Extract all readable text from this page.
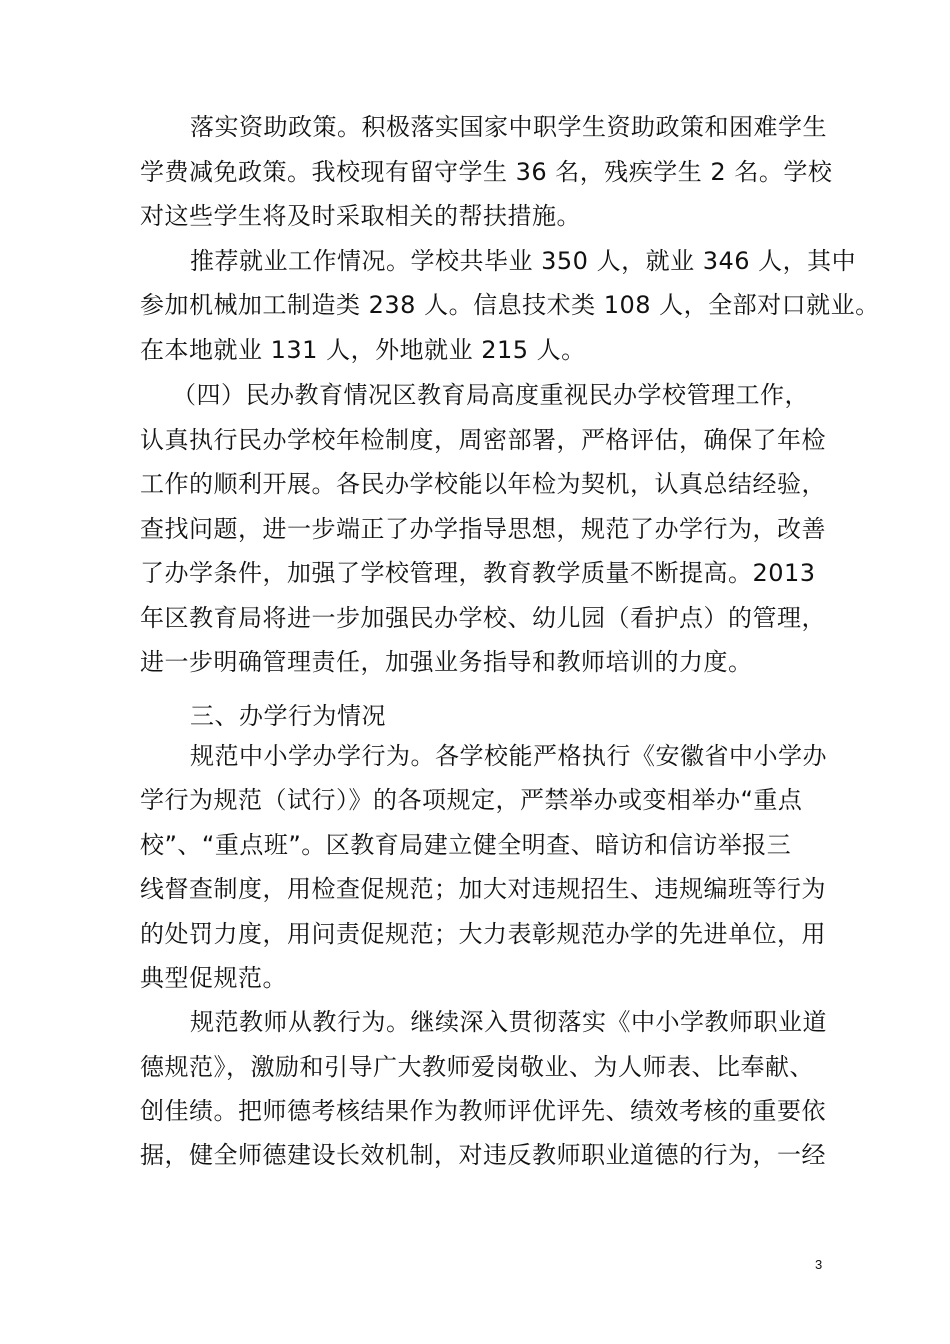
落实资助政策。积极落实国家中职学生资助政策和困难学生
学费减免政策。我校现有留守学生 36 名，残疾学生 2 名。学校
对这些学生将及时采取相关的帮扶措施。
推荐就业工作情况。学校共毕业 350 人，就业 346 人，其中
参加机械加工制造类 238 人。信息技术类 108 人，全部对口就业。
在本地就业 131 人，外地就业 215 人。
（四）民办教育情况区教育局高度重视民办学校管理工作，
认真执行民办学校年检制度，周密部署，严格评估，确保了年检
工作的顺利开展。各民办学校能以年检为契机，认真总结经验，
查找问题，进一步端正了办学指导思想，规范了办学行为，改善
了办学条件，加强了学校管理，教育教学质量不断提高。2013
年区教育局将进一步加强民办学校、幼儿园（看护点）的管理，
进一步明确管理责任，加强业务指导和教师培训的力度。
三、办学行为情况
规范中小学办学行为。各学校能严格执行《安徽省中小学办
学行为规范（试行）》的各项规定，严禁举办或变相举办“重点
校”、“重点班”。区教育局建立健全明查、暗访和信访举报三
线督查制度，用检查促规范；加大对违规招生、违规编班等行为
的处罚力度，用问责促规范；大力表彰规范办学的先进单位，用
典型促规范。
规范教师从教行为。继续深入贯彻落实《中小学教师职业道
德规范》，激励和引导广大教师爱岗敬业、为人师表、比奉献、
创佳绩。把师德考核结果作为教师评优评先、绩效考核的重要依
据，健全师德建设长效机制，对违反教师职业道德的行为，一经
3
